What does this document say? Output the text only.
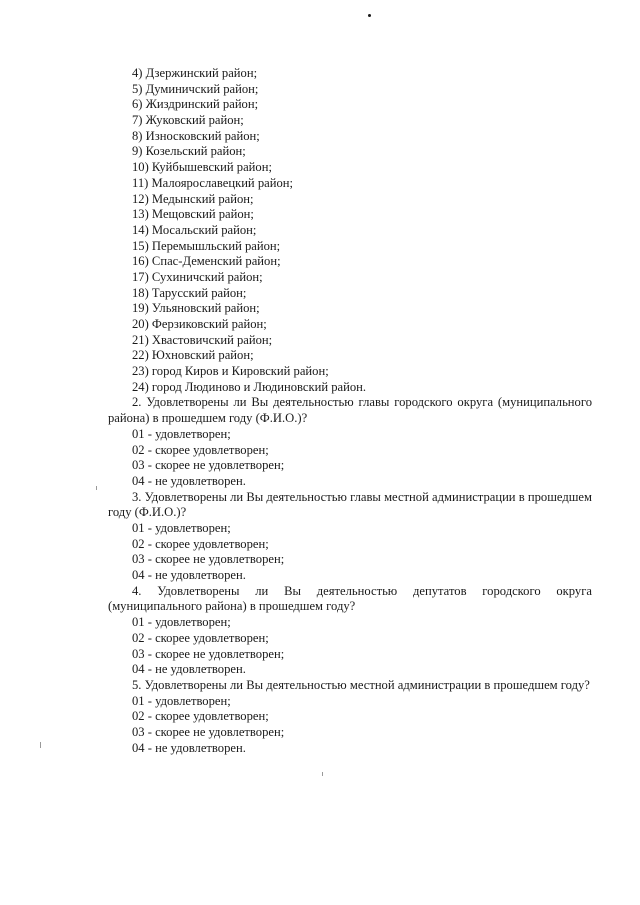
4) Дзержинский район;
5) Думиничский район;
6) Жиздринский район;
7) Жуковский район;
8) Износковский район;
9) Козельский район;
10) Куйбышевский район;
11) Малоярославецкий район;
12) Медынский район;
13) Мещовский район;
14) Мосальский район;
15) Перемышльский район;
16) Спас-Деменский район;
17) Сухиничский район;
18) Тарусский район;
19) Ульяновский район;
20) Ферзиковский район;
21) Хвастовичский район;
22) Юхновский район;
23) город Киров и Кировский район;
24) город Людиново и Людиновский район.
2. Удовлетворены ли Вы деятельностью главы городского округа (муниципального района) в прошедшем году (Ф.И.О.)?
01 - удовлетворен;
02 - скорее удовлетворен;
03 - скорее не удовлетворен;
04 - не удовлетворен.
3. Удовлетворены ли Вы деятельностью главы местной администрации в прошедшем году (Ф.И.О.)?
01 - удовлетворен;
02 - скорее удовлетворен;
03 - скорее не удовлетворен;
04 - не удовлетворен.
4. Удовлетворены ли Вы деятельностью депутатов городского округа (муниципального района) в прошедшем году?
01 - удовлетворен;
02 - скорее удовлетворен;
03 - скорее не удовлетворен;
04 - не удовлетворен.
5. Удовлетворены ли Вы деятельностью местной администрации в прошедшем году?
01 - удовлетворен;
02 - скорее удовлетворен;
03 - скорее не удовлетворен;
04 - не удовлетворен.
